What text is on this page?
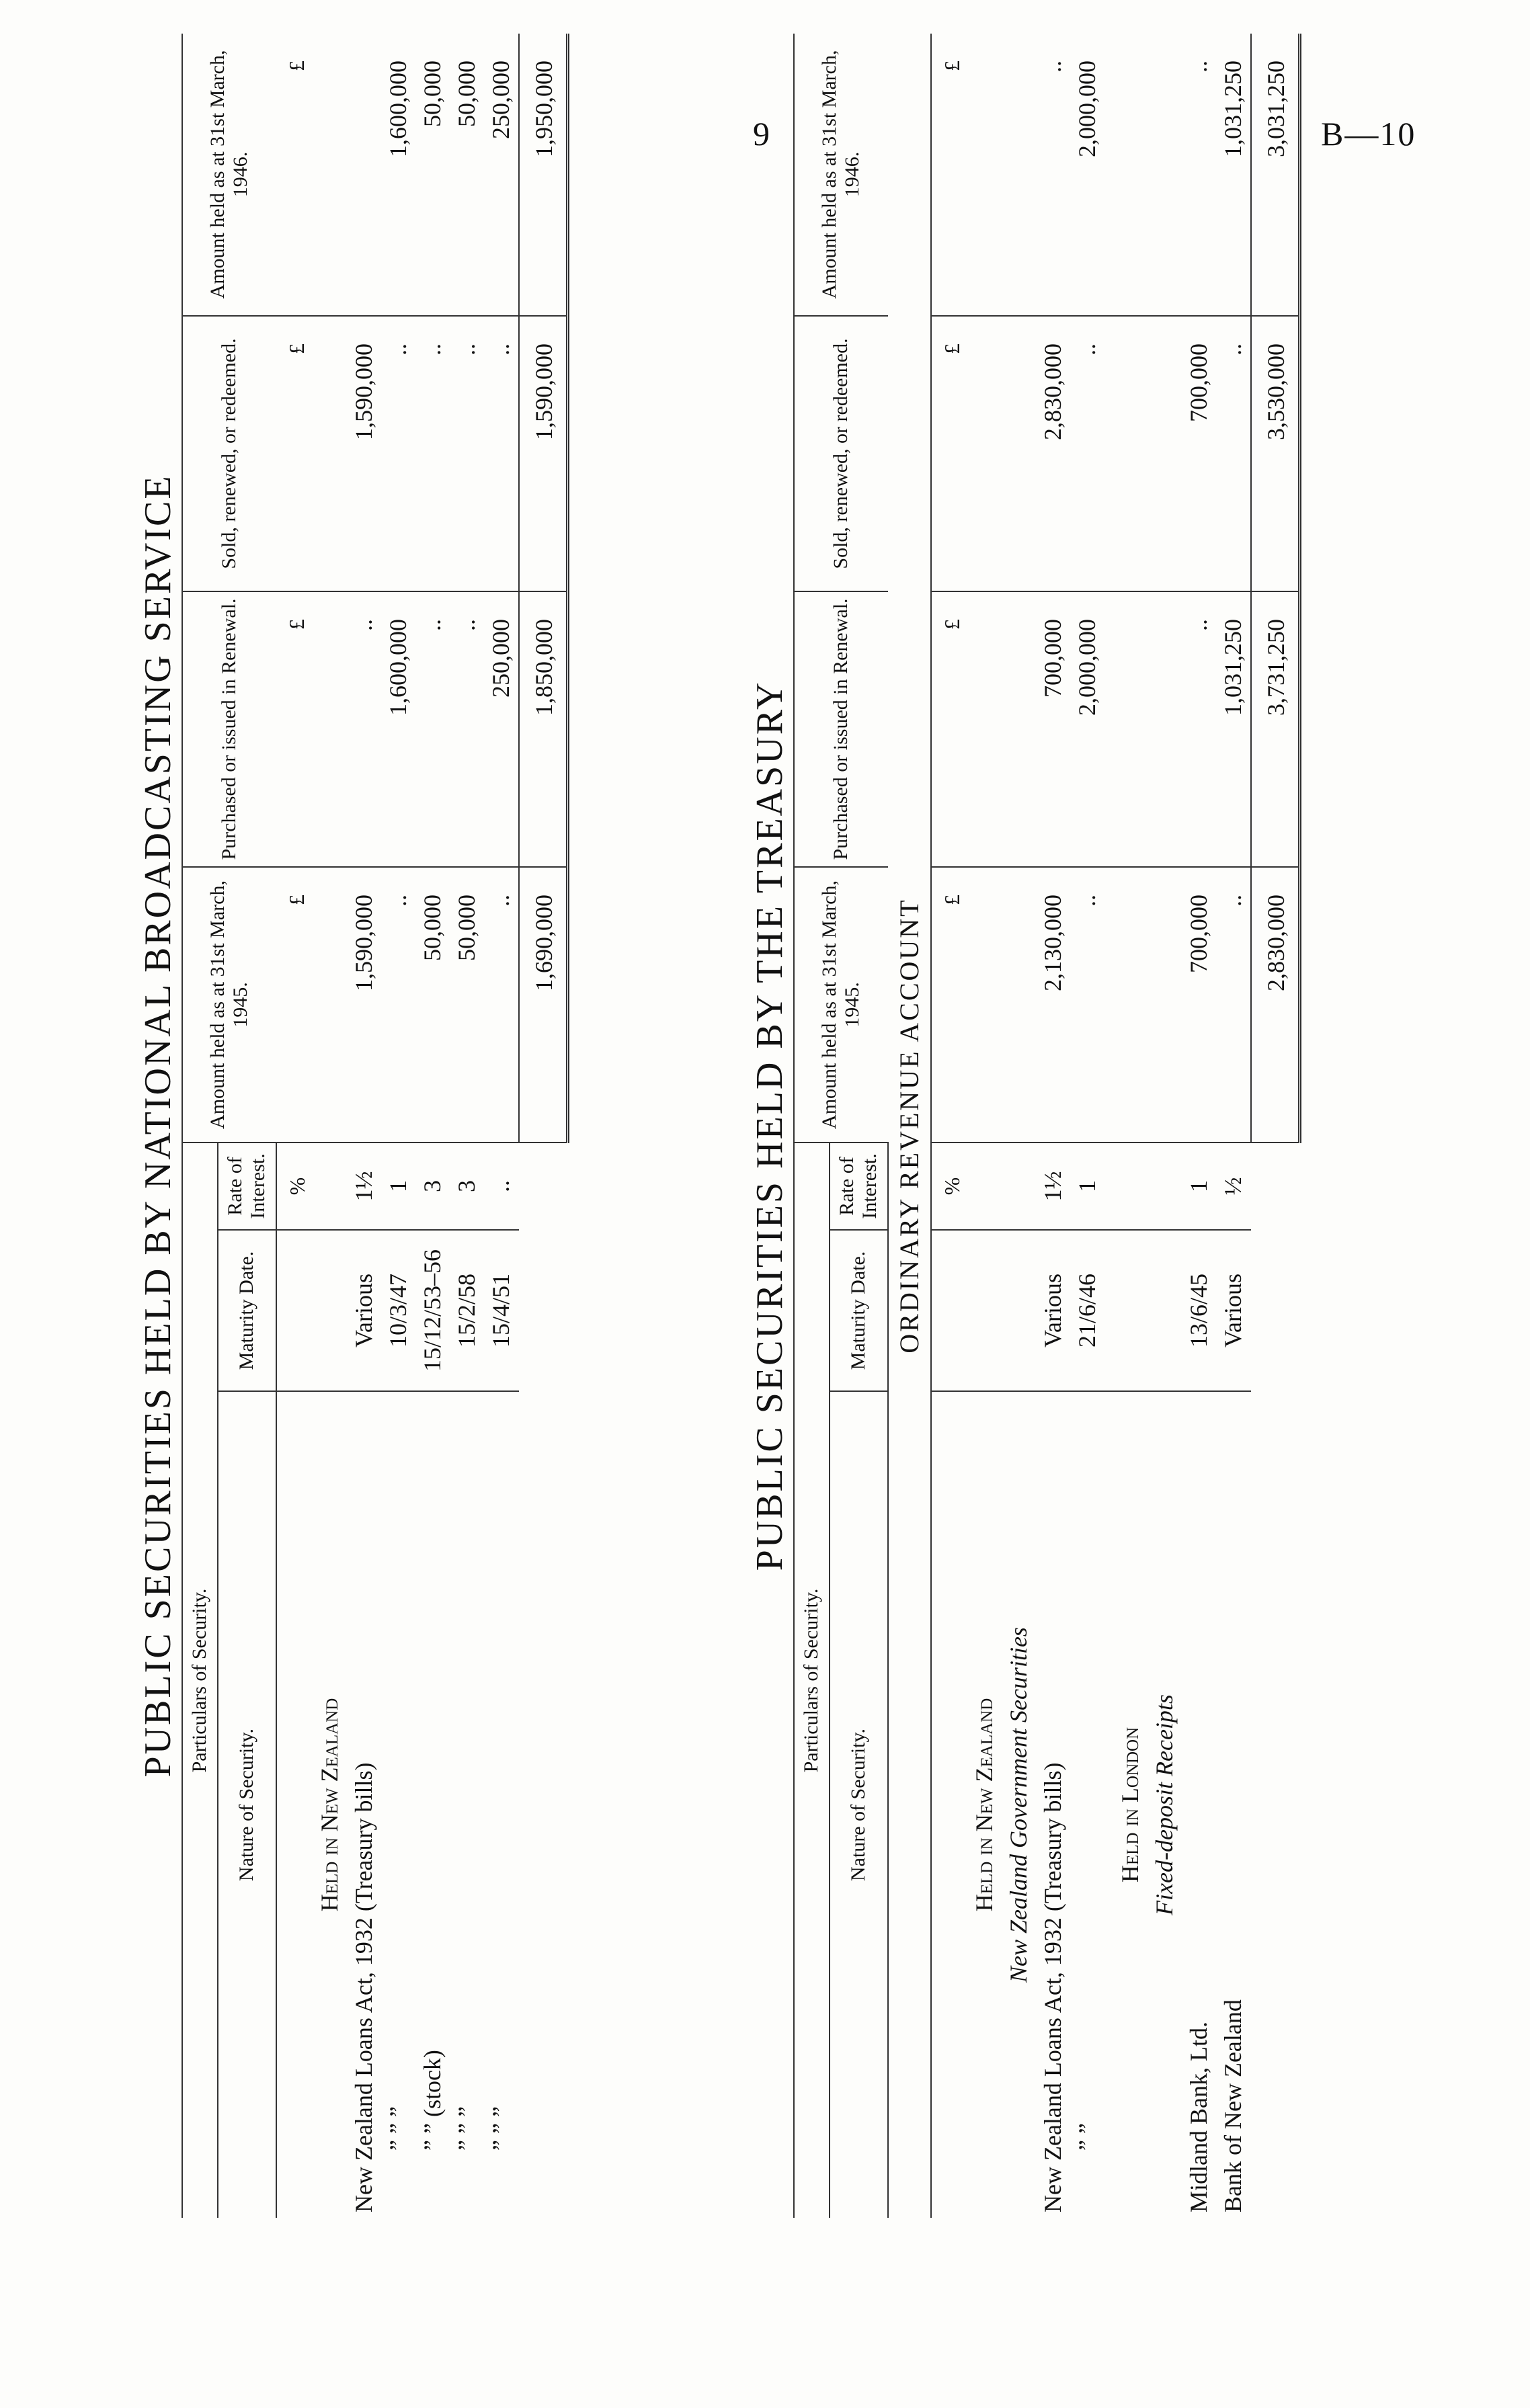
9	B—10
PUBLIC SECURITIES HELD BY NATIONAL BROADCASTING SERVICE Particulars of Security.			Amount held as at 31st March, 1945.	Purchased or issued in Renewal.	Sold, renewed, or redeemed.	Amount held as at 31st March, 1946.
Nature of Security.	Maturity Date.	Rate of Interest.				
		%	£	£	£	£
Held in New Zealand						
New Zealand Loans Act, 1932 (Treasury bills)	Various	1½	1,590,000	..	1,590,000	
” ” ”	10/3/47	1	..	1,600,000	..	1,600,000
” ” (stock)	15/12/53–56	3	50,000	..	..	50,000
” ” ”	15/2/58	3	50,000	..	..	50,000
” ” ”	15/4/51	..	..	250,000	..	250,000
			1,690,000	1,850,000	1,590,000	1,950,000
PUBLIC SECURITIES HELD BY THE TREASURY
Particulars of Security.			Amount held as at 31st March, 1945.	Purchased or issued in Renewal.	Sold, renewed, or redeemed.	Amount held as at 31st March, 1946.
Nature of Security.	Maturity Date.	Rate of Interest.				
ORDINARY REVENUE ACCOUNT						
		%	£	£	£	£
Held in New Zealand						
New Zealand Government Securities						
New Zealand Loans Act, 1932 (Treasury bills)	Various	1½	2,130,000	700,000	2,830,000	..
” ”	21/6/46	1	..	2,000,000	..	2,000,000
Held in London						
Fixed-deposit Receipts						
Midland Bank, Ltd.	13/6/45	1	700,000	..	700,000	..
Bank of New Zealand	Various	½	..	1,031,250	..	1,031,250
			2,830,000	3,731,250	3,530,000	3,031,250
